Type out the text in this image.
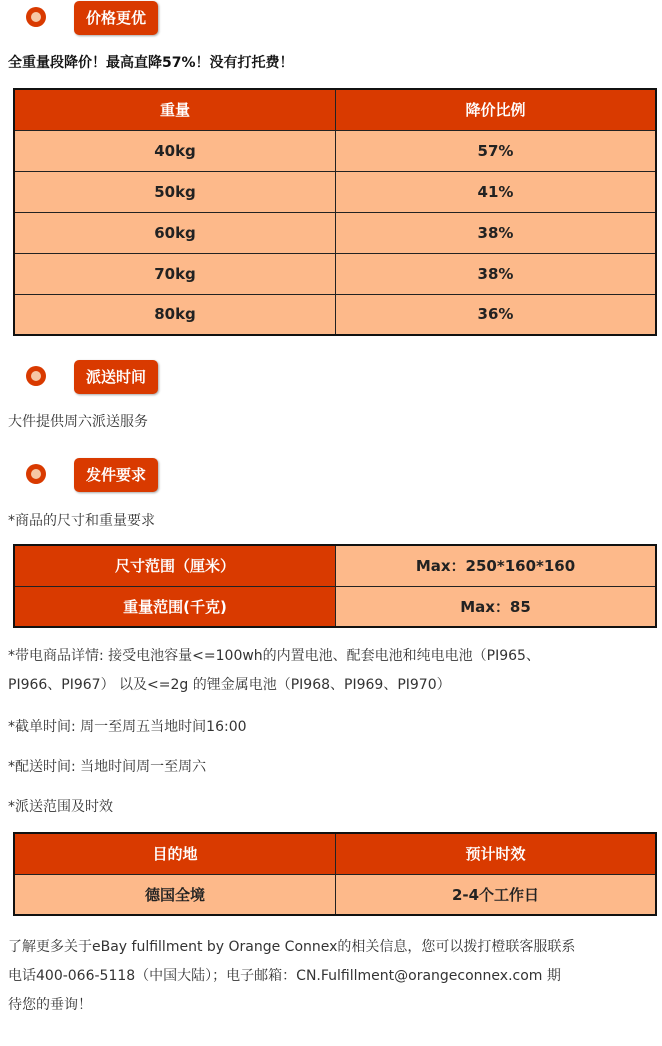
价格更优
全重量段降价！最高直降57%！没有打托费！
重量	降价比例
40kg	57%
50kg	41%
60kg	38%
70kg	38%
80kg	36%
派送时间
大件提供周六派送服务
发件要求
*商品的尺寸和重量要求
尺寸范围（厘米）	Max：250*160*160
重量范围(千克)	Max：85
*带电商品详情: 接受电池容量<=100wh的内置电池、配套电池和纯电电池（PI965、
PI966、PI967） 以及<=2g 的锂金属电池（PI968、PI969、PI970）
*截单时间: 周一至周五当地时间16:00
*配送时间: 当地时间周一至周六
*派送范围及时效
目的地	预计时效
德国全境	2-4个工作日
了解更多关于eBay fulfillment by Orange Connex的相关信息，您可以拨打橙联客服联系
电话400-066-5118（中国大陆）；电子邮箱：CN.Fulfillment@orangeconnex.com 期
待您的垂询！
